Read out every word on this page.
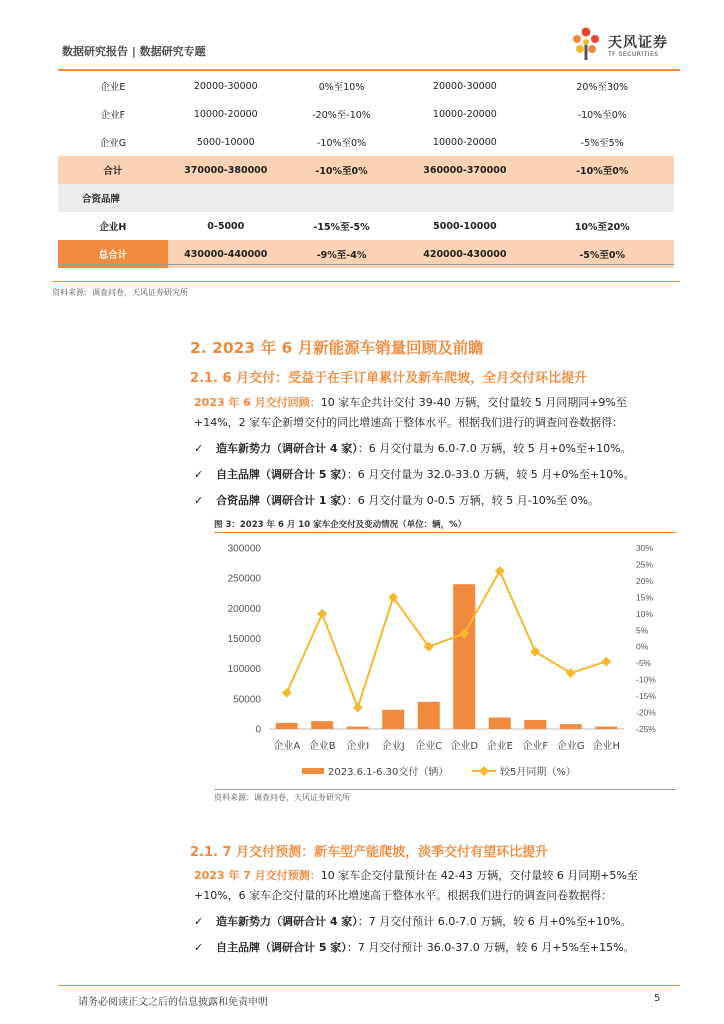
数据研究报告 | 数据研究专题
天风证券
TF SECURITIES
企业E	20000-30000	0%至10%	20000-30000	20%至30%
企业F	10000-20000	-20%至-10%	10000-20000	-10%至0%
企业G	5000-10000	-10%至0%	10000-20000	-5%至5%
合计	370000-380000	-10%至0%	360000-370000	-10%至0%
合资品牌				
企业H	0-5000	-15%至-5%	5000-10000	10%至20%
总合计	430000-440000	-9%至-4%	420000-430000	-5%至0%
资料来源：调查问卷，天风证券研究所
2. 2023 年 6 月新能源车销量回顾及前瞻
2.1. 6 月交付：受益于在手订单累计及新车爬坡，全月交付环比提升
2023 年 6 月交付回顾：10 家车企共计交付 39-40 万辆，交付量较 5 月同期同+9%至
+14%，2 家车企新增交付的同比增速高于整体水平。根据我们进行的调查问卷数据得：
✓ 造车新势力（调研合计 4 家）：6 月交付量为 6.0-7.0 万辆，较 5 月+0%至+10%。
✓ 自主品牌（调研合计 5 家）：6 月交付量为 32.0-33.0 万辆，较 5 月+0%至+10%。
✓ 合资品牌（调研合计 1 家）：6 月交付量为 0-0.5 万辆，较 5 月-10%至 0%。
图 3：2023 年 6 月 10 家车企交付及变动情况（单位：辆，%）
0
50000
100000
150000
200000
250000
300000
-25%
-20%
-15%
-10%
-5%
0%
5%
10%
15%
20%
25%
30%
企业A 企业B 企业I 企业J 企业C 企业D 企业E 企业F 企业G 企业H
2023.6.1-6.30交付（辆）	较5月同期（%）
资料来源：调查问卷，天风证券研究所
2.1. 7 月交付预测：新车型产能爬坡，淡季交付有望环比提升
2023 年 7 月交付预测：10 家车企交付量预计在 42-43 万辆，交付量较 6 月同期+5%至
+10%，6 家车企交付量的环比增速高于整体水平。根据我们进行的调查问卷数据得：
✓ 造车新势力（调研合计 4 家）：7 月交付预计 6.0-7.0 万辆，较 6 月+0%至+10%。
✓ 自主品牌（调研合计 5 家）：7 月交付预计 36.0-37.0 万辆，较 6 月+5%至+15%。
请务必阅读正文之后的信息披露和免责申明	5
